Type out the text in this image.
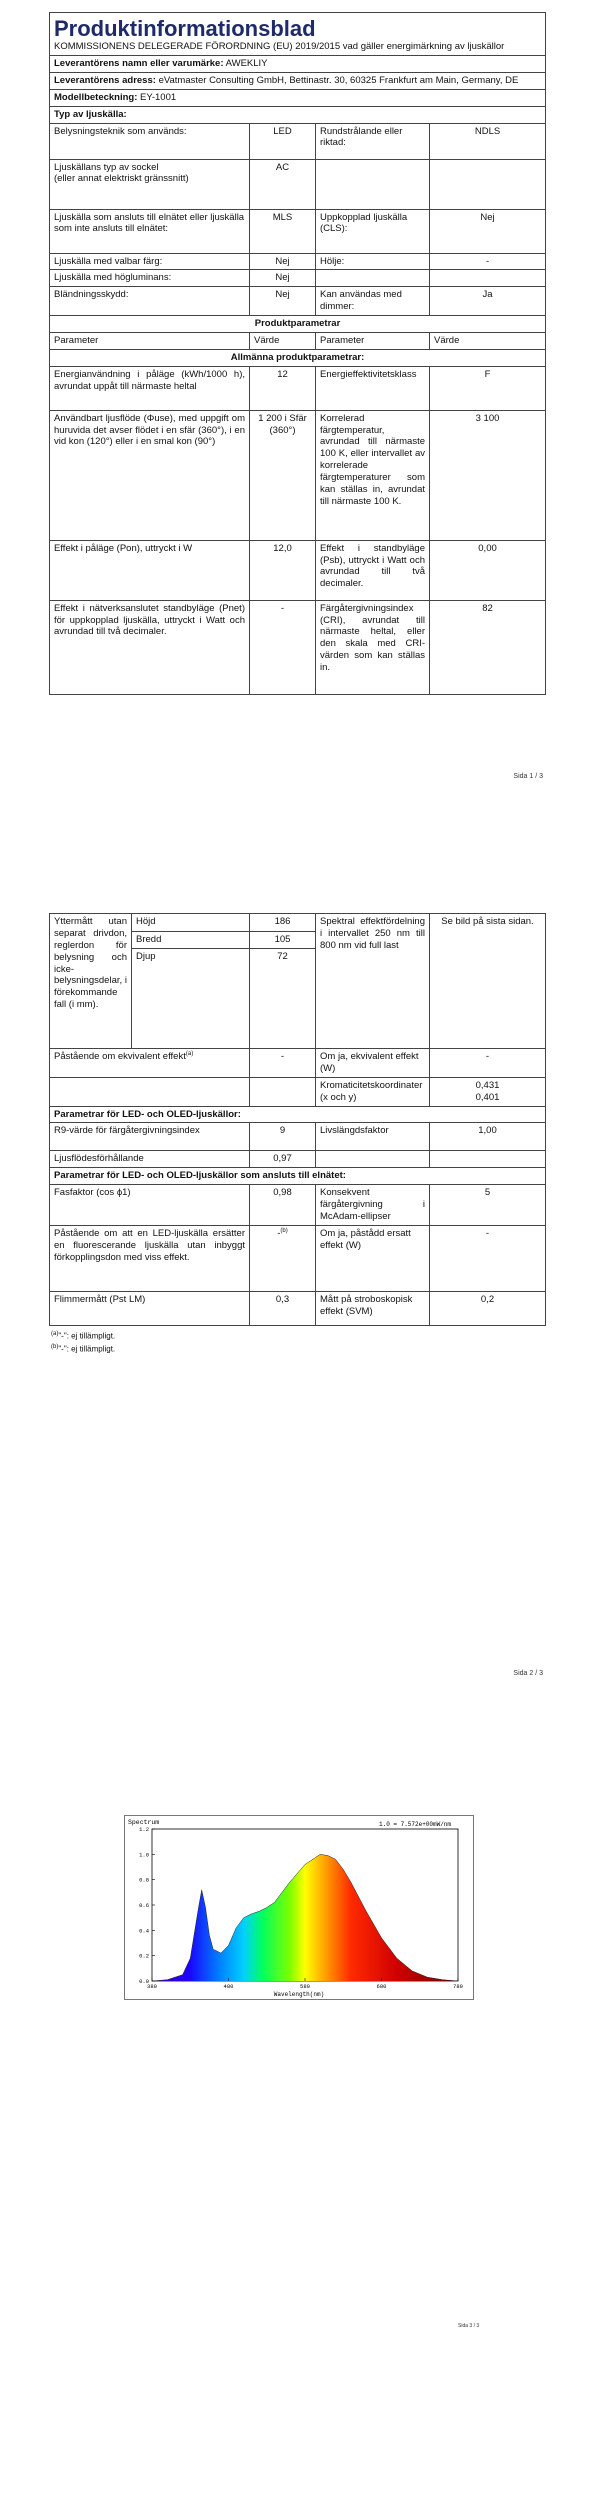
Produktinformationsblad
KOMMISSIONENS DELEGERADE FÖRORDNING (EU) 2019/2015 vad gäller energimärkning av ljuskällor			

Leverantörens namn eller varumärke: AWEKLIY			
Leverantörens adress: eVatmaster Consulting GmbH, Bettinastr. 30, 60325 Frankfurt am Main, Germany, DE			
Modellbeteckning: EY-1001			
Typ av ljuskälla:			
Belysningsteknik som används:	LED	Rundstrålande eller riktad:	NDLS
Ljuskällans typ av sockel
(eller annat elektriskt gränssnitt)	AC		
Ljuskälla som ansluts till elnätet eller ljuskälla som inte ansluts till elnätet:	MLS	Uppkopplad ljuskälla (CLS):	Nej
Ljuskälla med valbar färg:	Nej	Hölje:	-
Ljuskälla med högluminans:	Nej		
Bländningsskydd:	Nej	Kan användas med dimmer:	Ja
Produktparametrar			
Parameter	Värde	Parameter	Värde
Allmänna produktparametrar:			
Energianvändning i påläge (kWh/1000 h), avrundat uppåt till närmaste heltal	12	Energieffektivitetsklass	F
Användbart ljusflöde (Φuse), med uppgift om huruvida det avser flödet i en sfär (360°), i en vid kon (120°) eller i en smal kon (90°)	1 200 i Sfär (360°)	Korrelerad färgtemperatur, avrundad till närmaste 100 K, eller intervallet av korrelerade färgtemperaturer som kan ställas in, avrundat till närmaste 100 K.	3 100
Effekt i påläge (Pon), uttryckt i W	12,0	Effekt i standbyläge (Psb), uttryckt i Watt och avrundad till två decimaler.	0,00
Effekt i nätverksanslutet standbyläge (Pnet) för uppkopplad ljuskälla, uttryckt i Watt och avrundad till två decimaler.	-	Färgåtergivningsindex (CRI), avrundat till närmaste heltal, eller den skala med CRI-värden som kan ställas in.	82
Sida 1 / 3
Yttermått utan separat drivdon, reglerdon för belysning och icke-belysningsdelar, i förekommande fall (i mm).	Höjd	186	Spektral effektfördelning i intervallet 250 nm till 800 nm vid full last	Se bild på sista sidan.
	Bredd	105		
	Djup	72		
Påstående om ekvivalent effekt$^{(a)}$		-	Om ja, ekvivalent effekt (W)	-
			Kromaticitetskoordinater (x och y)	0,431
0,401

Parametrar för LED- och OLED-ljuskällor:				
R9-värde för färgåtergivningsindex		9	Livslängdsfaktor	1,00
Ljusflödesförhållande		0,97		
Parametrar för LED- och OLED-ljuskällor som ansluts till elnätet:				
Fasfaktor (cos ϕ1)		0,98	Konsekvent färgåtergivning i McAdam-ellipser	5
Påstående om att en LED-ljuskälla ersätter en fluorescerande ljuskälla utan inbyggt förkopplingsdon med viss effekt.		-$^{(b)}$	Om ja, påstådd ersatt effekt (W)	-
Flimmermått (Pst LM)		0,3	Mått på stroboskopisk effekt (SVM)	0,2
$^{(a)}$"-": ej tillämpligt.
$^{(b)}$"-": ej tillämpligt.
Sida 2 / 3
Spectrum	1.0 = 7.572e+00mW/nm
0.0
0.2
0.4
0.6
0.8
1.0
1.2
380	480	580	680	780
Wavelength(nm)
Sida 3 / 3
